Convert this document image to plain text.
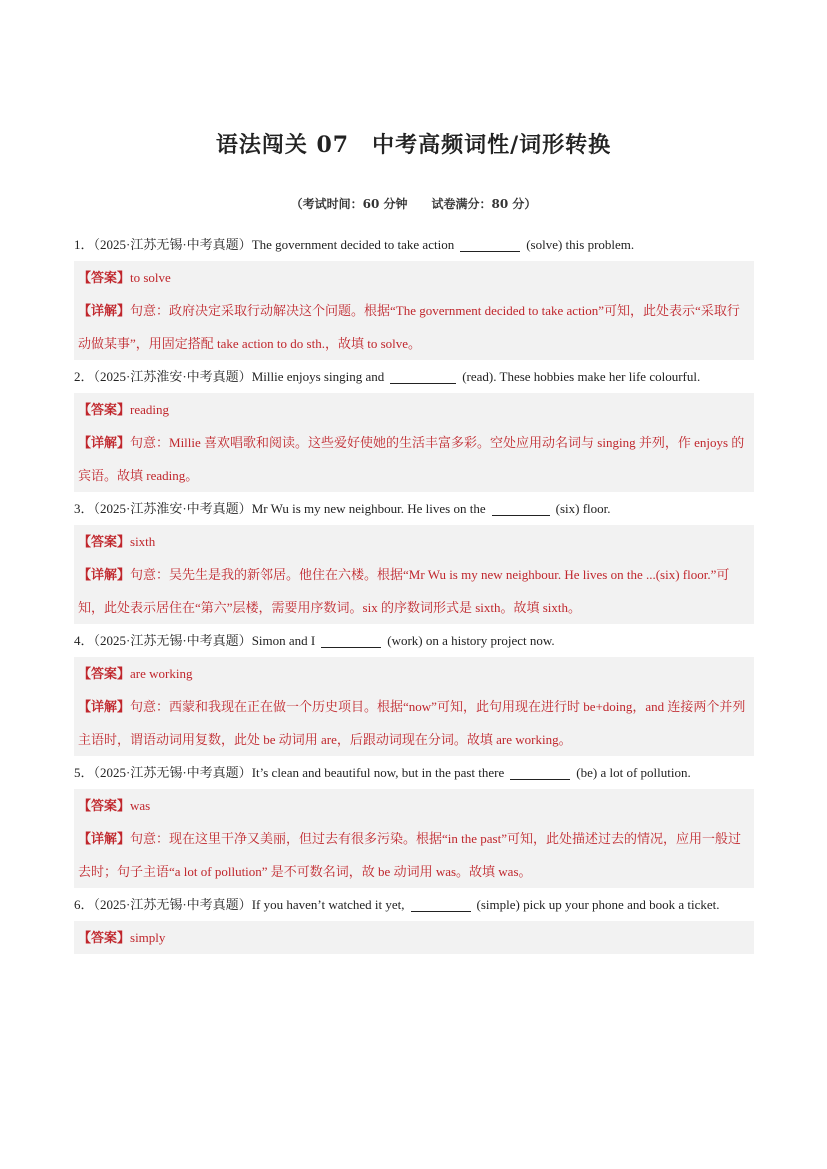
语法闯关 07　中考高频词性/词形转换
（考试时间：60 分钟　　试卷满分：80 分）

1．（2025·江苏无锡·中考真题）The government decided to take action	(solve) this problem.

【答案】to solve
【详解】句意：政府决定采取行动解决这个问题。根据“The government decided to take action”可知，此处表示“采取行动做某事”，用固定搭配 take action to do sth.，故填 to solve。

2．（2025·江苏淮安·中考真题）Millie enjoys singing and	(read). These hobbies make her life colourful.

【答案】reading
【详解】句意：Millie 喜欢唱歌和阅读。这些爱好使她的生活丰富多彩。空处应用动名词与 singing 并列，作 enjoys 的宾语。故填 reading。

3．（2025·江苏淮安·中考真题）Mr Wu is my new neighbour. He lives on the	(six) floor.

【答案】sixth
【详解】句意：吴先生是我的新邻居。他住在六楼。根据“Mr Wu is my new neighbour. He lives on the ...(six) floor.”可知，此处表示居住在“第六”层楼，需要用序数词。six 的序数词形式是 sixth。故填 sixth。

4．（2025·江苏无锡·中考真题）Simon and I	(work) on a history project now.

【答案】are working
【详解】句意：西蒙和我现在正在做一个历史项目。根据“now”可知，此句用现在进行时 be+doing，and 连接两个并列主语时，谓语动词用复数，此处 be 动词用 are，后跟动词现在分词。故填 are working。

5．（2025·江苏无锡·中考真题）It’s clean and beautiful now, but in the past there	(be) a lot of pollution.

【答案】was
【详解】句意：现在这里干净又美丽，但过去有很多污染。根据“in the past”可知，此处描述过去的情况，应用一般过去时；句子主语“a lot of pollution” 是不可数名词，故 be 动词用 was。故填 was。

6．（2025·江苏无锡·中考真题）If you haven’t watched it yet,	(simple) pick up your phone and book a ticket.

【答案】simply
